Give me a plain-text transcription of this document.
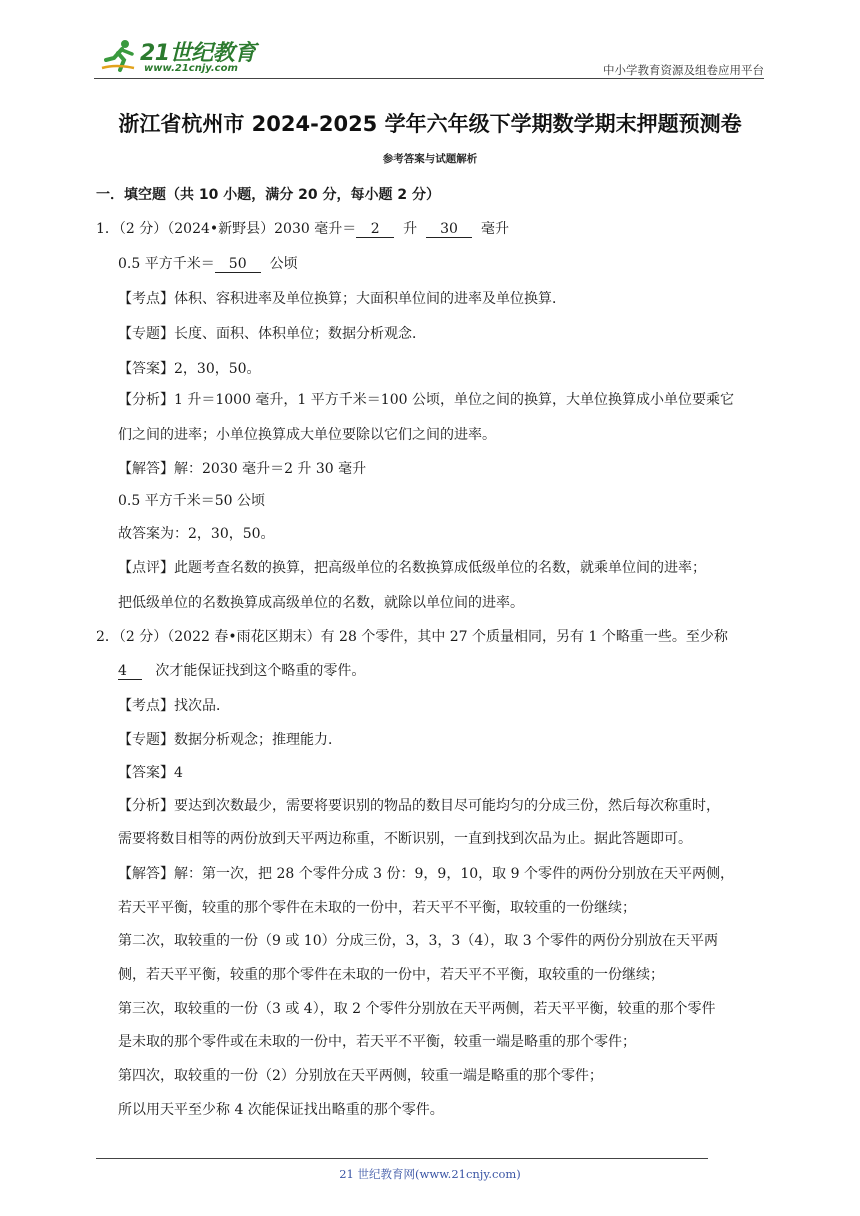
21世纪教育
www.21cnjy.com	中小学教育资源及组卷应用平台
浙江省杭州市 2024-2025 学年六年级下学期数学期末押题预测卷
参考答案与试题解析
一．填空题（共 10 小题，满分 20 分，每小题 2 分）
1．（2 分）（2024•新野县）2030 毫升＝ 2 升 30 毫升
0.5 平方千米＝ 50 公顷
【考点】体积、容积进率及单位换算；大面积单位间的进率及单位换算．
【专题】长度、面积、体积单位；数据分析观念．
【答案】2，30，50。
【分析】1 升＝1000 毫升，1 平方千米＝100 公顷，单位之间的换算，大单位换算成小单位要乘它
们之间的进率；小单位换算成大单位要除以它们之间的进率。
【解答】解：2030 毫升＝2 升 30 毫升
0.5 平方千米＝50 公顷
故答案为：2，30，50。
【点评】此题考查名数的换算，把高级单位的名数换算成低级单位的名数，就乘单位间的进率；
把低级单位的名数换算成高级单位的名数，就除以单位间的进率。
2．（2 分）（2022 春•雨花区期末）有 28 个零件，其中 27 个质量相同，另有 1 个略重一些。至少称
4 次才能保证找到这个略重的零件。
【考点】找次品．
【专题】数据分析观念；推理能力．
【答案】4
【分析】要达到次数最少，需要将要识别的物品的数目尽可能均匀的分成三份，然后每次称重时，
需要将数目相等的两份放到天平两边称重，不断识别，一直到找到次品为止。据此答题即可。
【解答】解：第一次，把 28 个零件分成 3 份：9，9，10，取 9 个零件的两份分别放在天平两侧，
若天平平衡，较重的那个零件在未取的一份中，若天平不平衡，取较重的一份继续；
第二次，取较重的一份（9 或 10）分成三份，3，3，3（4），取 3 个零件的两份分别放在天平两
侧，若天平平衡，较重的那个零件在未取的一份中，若天平不平衡，取较重的一份继续；
第三次，取较重的一份（3 或 4），取 2 个零件分别放在天平两侧，若天平平衡，较重的那个零件
是未取的那个零件或在未取的一份中，若天平不平衡，较重一端是略重的那个零件；
第四次，取较重的一份（2）分别放在天平两侧，较重一端是略重的那个零件；
所以用天平至少称 4 次能保证找出略重的那个零件。
21 世纪教育网(www.21cnjy.com)
